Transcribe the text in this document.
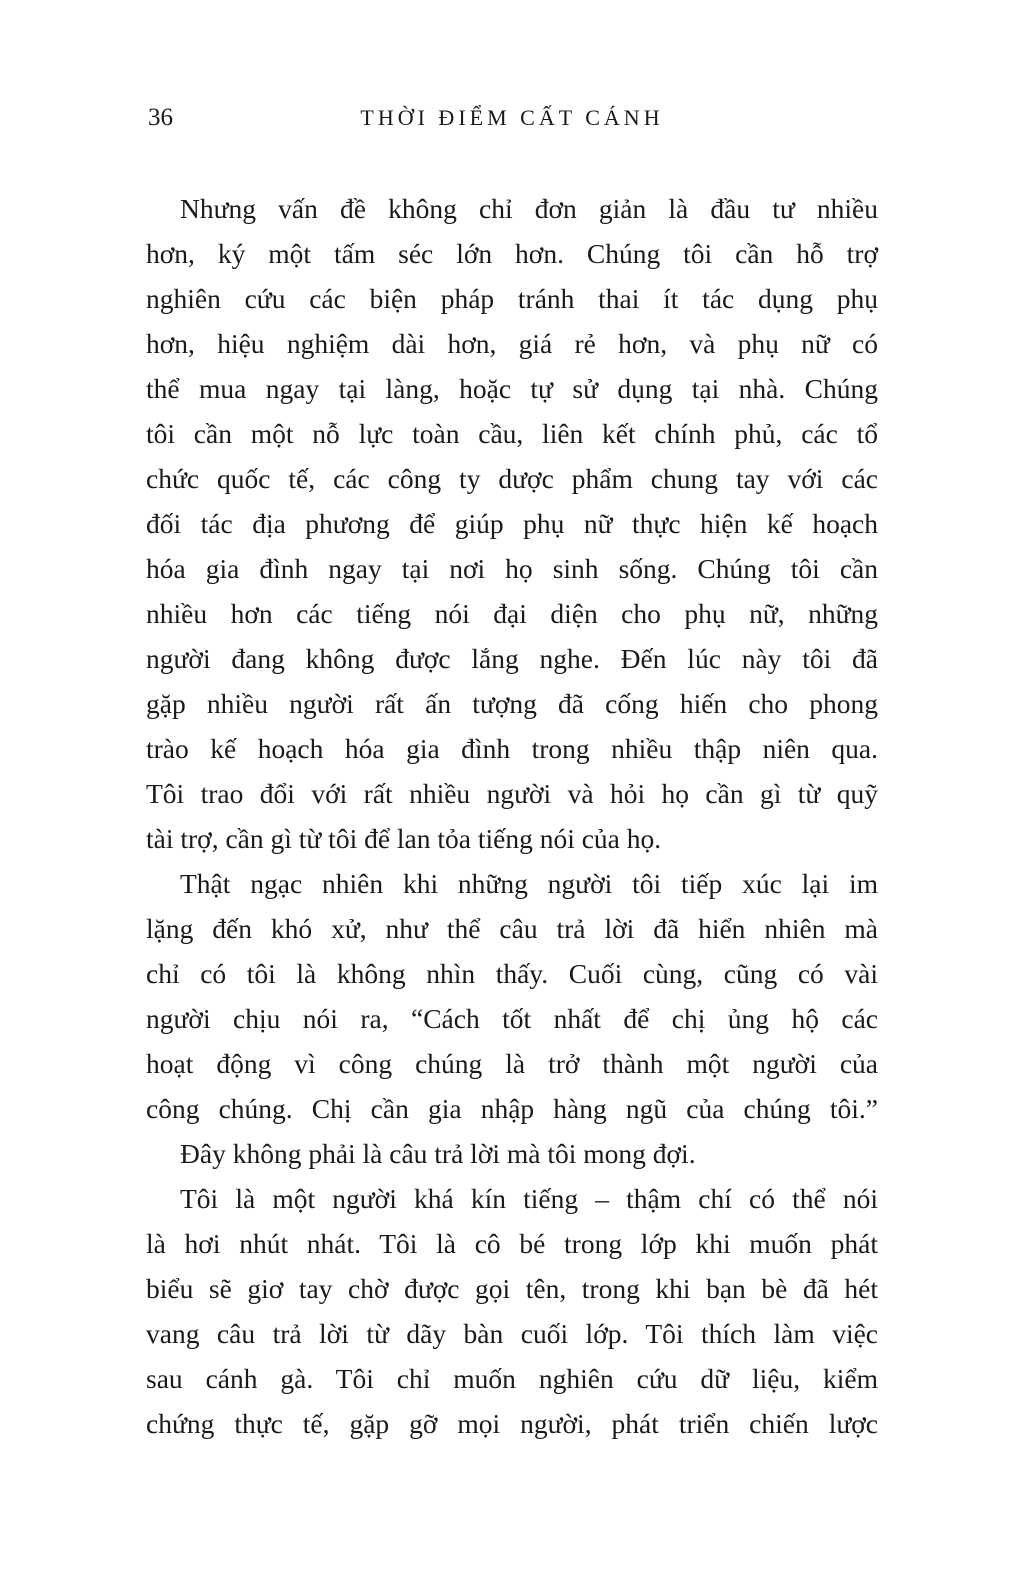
36	THỜI ĐIỂM CẤT CÁNH
Nhưng vấn đề không chỉ đơn giản là đầu tư nhiều
hơn, ký một tấm séc lớn hơn. Chúng tôi cần hỗ trợ
nghiên cứu các biện pháp tránh thai ít tác dụng phụ
hơn, hiệu nghiệm dài hơn, giá rẻ hơn, và phụ nữ có
thể mua ngay tại làng, hoặc tự sử dụng tại nhà. Chúng
tôi cần một nỗ lực toàn cầu, liên kết chính phủ, các tổ
chức quốc tế, các công ty dược phẩm chung tay với các
đối tác địa phương để giúp phụ nữ thực hiện kế hoạch
hóa gia đình ngay tại nơi họ sinh sống. Chúng tôi cần
nhiều hơn các tiếng nói đại diện cho phụ nữ, những
người đang không được lắng nghe. Đến lúc này tôi đã
gặp nhiều người rất ấn tượng đã cống hiến cho phong
trào kế hoạch hóa gia đình trong nhiều thập niên qua.
Tôi trao đổi với rất nhiều người và hỏi họ cần gì từ quỹ
tài trợ, cần gì từ tôi để lan tỏa tiếng nói của họ.
Thật ngạc nhiên khi những người tôi tiếp xúc lại im
lặng đến khó xử, như thể câu trả lời đã hiển nhiên mà
chỉ có tôi là không nhìn thấy. Cuối cùng, cũng có vài
người chịu nói ra, “Cách tốt nhất để chị ủng hộ các
hoạt động vì công chúng là trở thành một người của
công chúng. Chị cần gia nhập hàng ngũ của chúng tôi.”
Đây không phải là câu trả lời mà tôi mong đợi.
Tôi là một người khá kín tiếng – thậm chí có thể nói
là hơi nhút nhát. Tôi là cô bé trong lớp khi muốn phát
biểu sẽ giơ tay chờ được gọi tên, trong khi bạn bè đã hét
vang câu trả lời từ dãy bàn cuối lớp. Tôi thích làm việc
sau cánh gà. Tôi chỉ muốn nghiên cứu dữ liệu, kiểm
chứng thực tế, gặp gỡ mọi người, phát triển chiến lược
